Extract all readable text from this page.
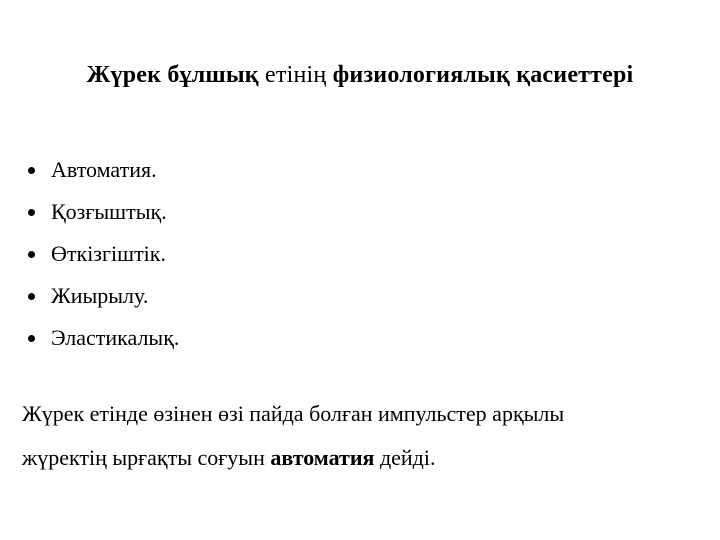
Жүрек бұлшық етінің физиологиялық қасиеттері
Автоматия.
Қозғыштық.
Өткізгіштік.
Жиырылу.
Эластикалық.

Жүрек етінде өзінен өзі пайда болған импульстер арқылы
жүректің ырғақты соғуын автоматия дейді.
